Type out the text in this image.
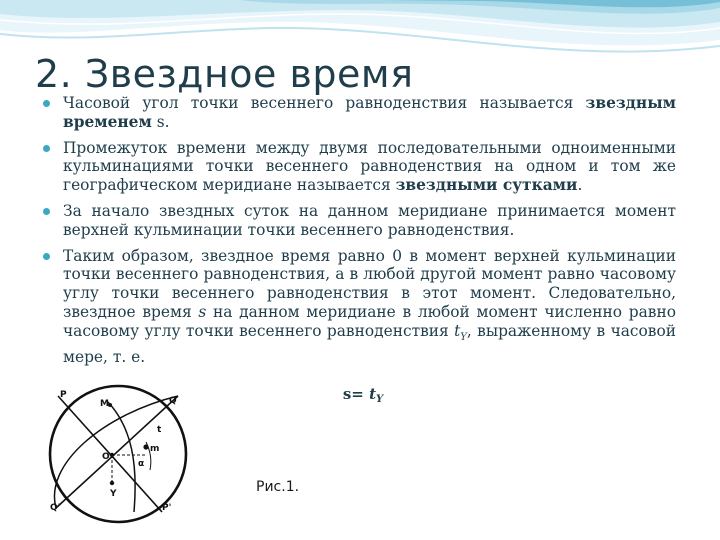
2. Звездное время
Часовой угол точки весеннего равноденствия называется звездным временем s.
Промежуток времени между двумя последовательными одноименными кульминациями точки весеннего равноденствия на одном и том же географическом меридиане называется звездными сутками.
За начало звездных суток на данном меридиане принимается момент верхней кульминации точки весеннего равноденствия.
Таким образом, звездное время равно 0 в момент верхней кульминации точки весеннего равноденствия, а в любой другой момент равно часовому углу точки весеннего равноденствия в этот момент. Следовательно, звездное время s на данном меридиане в любой момент численно равно часовому углу точки весеннего равноденствия $t_Y$, выраженному в часовой мере, т. е.
$s= t_Y$
P
M	Q
t
O
m
α
Υ
Q'	P'
Рис.1.
